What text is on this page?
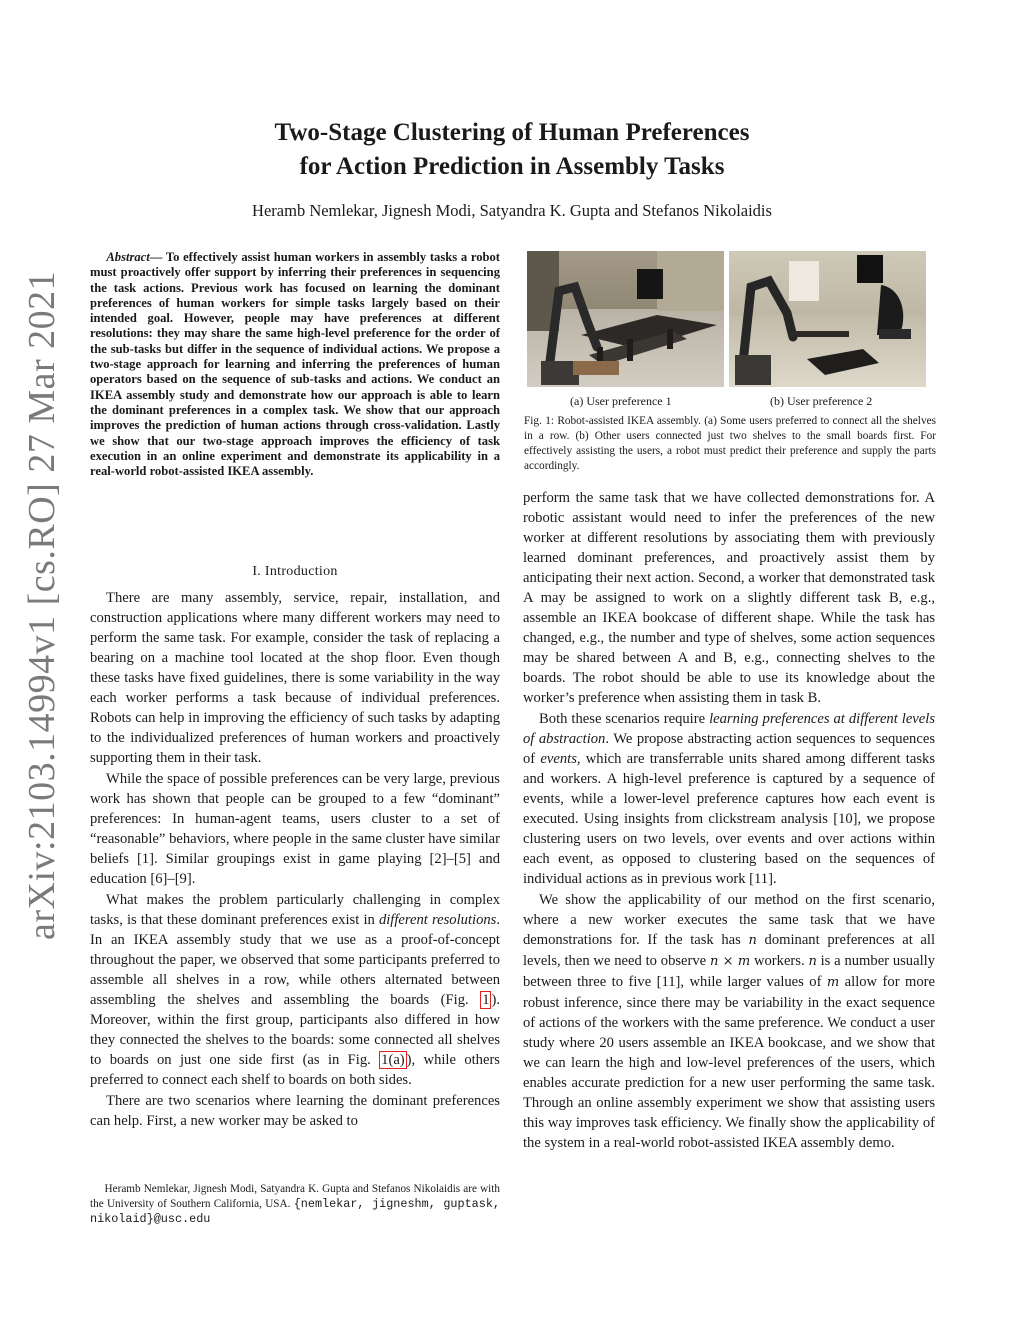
arXiv:2103.14994v1 [cs.RO] 27 Mar 2021
Two-Stage Clustering of Human Preferences
for Action Prediction in Assembly Tasks
Heramb Nemlekar, Jignesh Modi, Satyandra K. Gupta and Stefanos Nikolaidis

Abstract— To effectively assist human workers in assembly tasks a robot must proactively offer support by inferring their preferences in sequencing the task actions. Previous work has focused on learning the dominant preferences of human workers for simple tasks largely based on their intended goal. However, people may have preferences at different resolutions: they may share the same high-level preference for the order of the sub-tasks but differ in the sequence of individual actions. We propose a two-stage approach for learning and inferring the preferences of human operators based on the sequence of sub-tasks and actions. We conduct an IKEA assembly study and demonstrate how our approach is able to learn the dominant preferences in a complex task. We show that our approach improves the prediction of human actions through cross-validation. Lastly we show that our two-stage approach improves the efficiency of task execution in an online experiment and demonstrate its applicability in a real-world robot-assisted IKEA assembly.

I. Introduction

There are many assembly, service, repair, installation, and construction applications where many different workers may need to perform the same task. For example, consider the task of replacing a bearing on a machine tool located at the shop floor. Even though these tasks have fixed guidelines, there is some variability in the way each worker performs a task because of individual preferences. Robots can help in improving the efficiency of such tasks by adapting to the individualized preferences of human workers and proactively supporting them in their task.

While the space of possible preferences can be very large, previous work has shown that people can be grouped to a few “dominant” preferences: In human-agent teams, users cluster to a set of “reasonable” behaviors, where people in the same cluster have similar beliefs [1]. Similar groupings exist in game playing [2]–[5] and education [6]–[9].

What makes the problem particularly challenging in complex tasks, is that these dominant preferences exist in different resolutions. In an IKEA assembly study that we use as a proof-of-concept throughout the paper, we observed that some participants preferred to assemble all shelves in a row, while others alternated between assembling the shelves and assembling the boards (Fig. 1 ). Moreover, within the first group, participants also differed in how they connected the shelves to the boards: some connected all shelves to boards on just one side first (as in Fig. 1(a) ), while others preferred to connect each shelf to boards on both sides.

There are two scenarios where learning the dominant preferences can help. First, a new worker may be asked to

Heramb Nemlekar, Jignesh Modi, Satyandra K. Gupta and Stefanos Nikolaidis are with the University of Southern California, USA. {nemlekar, jigneshm, guptask, nikolaid}@usc.edu

(a) User preference 1	(b) User preference 2

Fig. 1: Robot-assisted IKEA assembly. (a) Some users preferred to connect all the shelves in a row. (b) Other users connected just two shelves to the small boards first. For effectively assisting the users, a robot must predict their preference and supply the parts accordingly.

perform the same task that we have collected demonstrations for. A robotic assistant would need to infer the preferences of the new worker at different resolutions by associating them with previously learned dominant preferences, and proactively assist them by anticipating their next action. Second, a worker that demonstrated task A may be assigned to work on a slightly different task B, e.g., assemble an IKEA bookcase of different shape. While the task has changed, e.g., the number and type of shelves, some action sequences may be shared between A and B, e.g., connecting shelves to the boards. The robot should be able to use its knowledge about the worker’s preference when assisting them in task B.

Both these scenarios require learning preferences at different levels of abstraction. We propose abstracting action sequences to sequences of events, which are transferrable units shared among different tasks and workers. A high-level preference is captured by a sequence of events, while a lower-level preference captures how each event is executed. Using insights from clickstream analysis [10], we propose clustering users on two levels, over events and over actions within each event, as opposed to clustering based on the sequences of individual actions as in previous work [11].

We show the applicability of our method on the first scenario, where a new worker executes the same task that we have demonstrations for. If the task has n dominant preferences at all levels, then we need to observe n × m workers. n is a number usually between three to five [11], while larger values of m allow for more robust inference, since there may be variability in the exact sequence of actions of the workers with the same preference. We conduct a user study where 20 users assemble an IKEA bookcase, and we show that we can learn the high and low-level preferences of the users, which enables accurate prediction for a new user performing the same task. Through an online assembly experiment we show that assisting users this way improves task efficiency. We finally show the applicability of the system in a real-world robot-assisted IKEA assembly demo.
